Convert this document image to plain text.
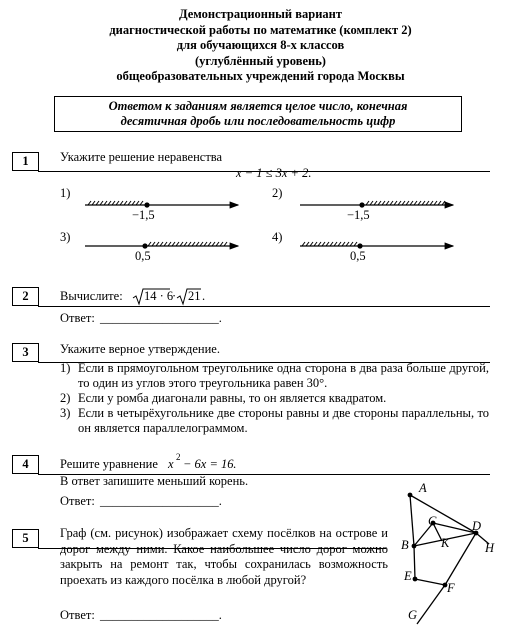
Демонстрационный вариант
диагностической работы по математике (комплект 2)
для обучающихся 8-х классов
(углублённый уровень)
общеобразовательных учреждений города Москвы
Ответом к заданиям является целое число, конечная
десятичная дробь или последовательность цифр
1	Укажите решение неравенства
x − 1 ≤ 3x + 2.
1)	2)
3)	4)
−1,5	−1,5
0,5	0,5
2	Вычислите: 14 · 6
· 21 .
Ответ: ___________________.
3	Укажите верное утверждение.
1) Если в прямоугольном треугольнике одна сторона в два раза больше другой, то один из углов этого треугольника равен 30°.
2) Если у ромба диагонали равны, то он является квадратом.
3) Если в четырёхугольнике две стороны равны и две стороны параллельны, то он является параллелограммом.
4	Решите уравнение x 2 − 6x = 16 .
В ответ запишите меньший корень.
Ответ: ___________________.
5	Граф (см. рисунок) изображает схему посёлков на острове и дорог между ними. Какое наибольшее число дорог можно закрыть на ремонт так, чтобы сохранилась возможность проехать из каждого посёлка в любой другой?
Ответ: ___________________.
A
C	D
B	K	H
E
F
G
